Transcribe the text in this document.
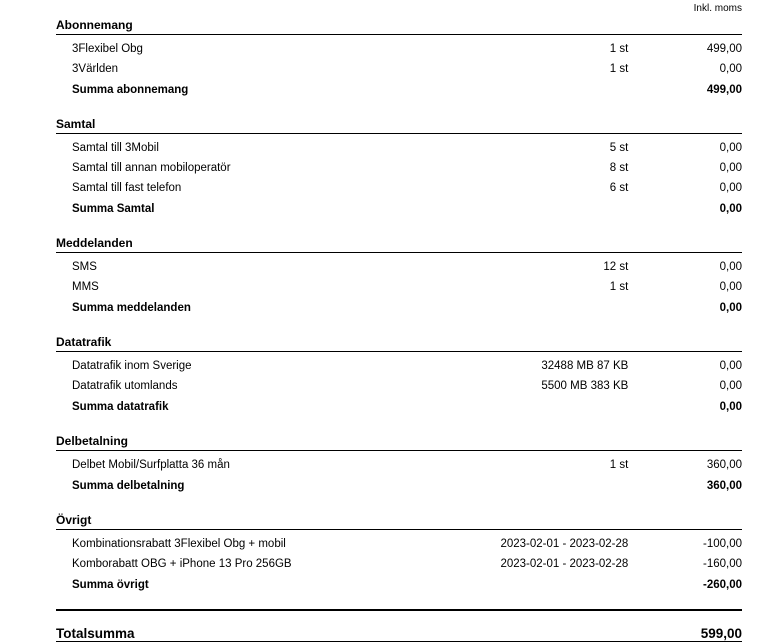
		Inkl. moms
Abonnemang		

3Flexibel Obg	1 st	499,00
3Världen	1 st	0,00
Summa abonnemang		499,00

Samtal		

Samtal till 3Mobil	5 st	0,00
Samtal till annan mobiloperatör	8 st	0,00
Samtal till fast telefon	6 st	0,00
Summa Samtal		0,00

Meddelanden		

SMS	12 st	0,00
MMS	1 st	0,00
Summa meddelanden		0,00

Datatrafik		

Datatrafik inom Sverige	32488 MB 87 KB	0,00
Datatrafik utomlands	5500 MB 383 KB	0,00
Summa datatrafik		0,00

Delbetalning		

Delbet Mobil/Surfplatta 36 mån	1 st	360,00
Summa delbetalning		360,00

Övrigt		

Kombinationsrabatt 3Flexibel Obg + mobil	2023-02-01 - 2023-02-28	-100,00
Komborabatt OBG + iPhone 13 Pro 256GB	2023-02-01 - 2023-02-28	-160,00
Summa övrigt		-260,00

Totalsumma		599,00
